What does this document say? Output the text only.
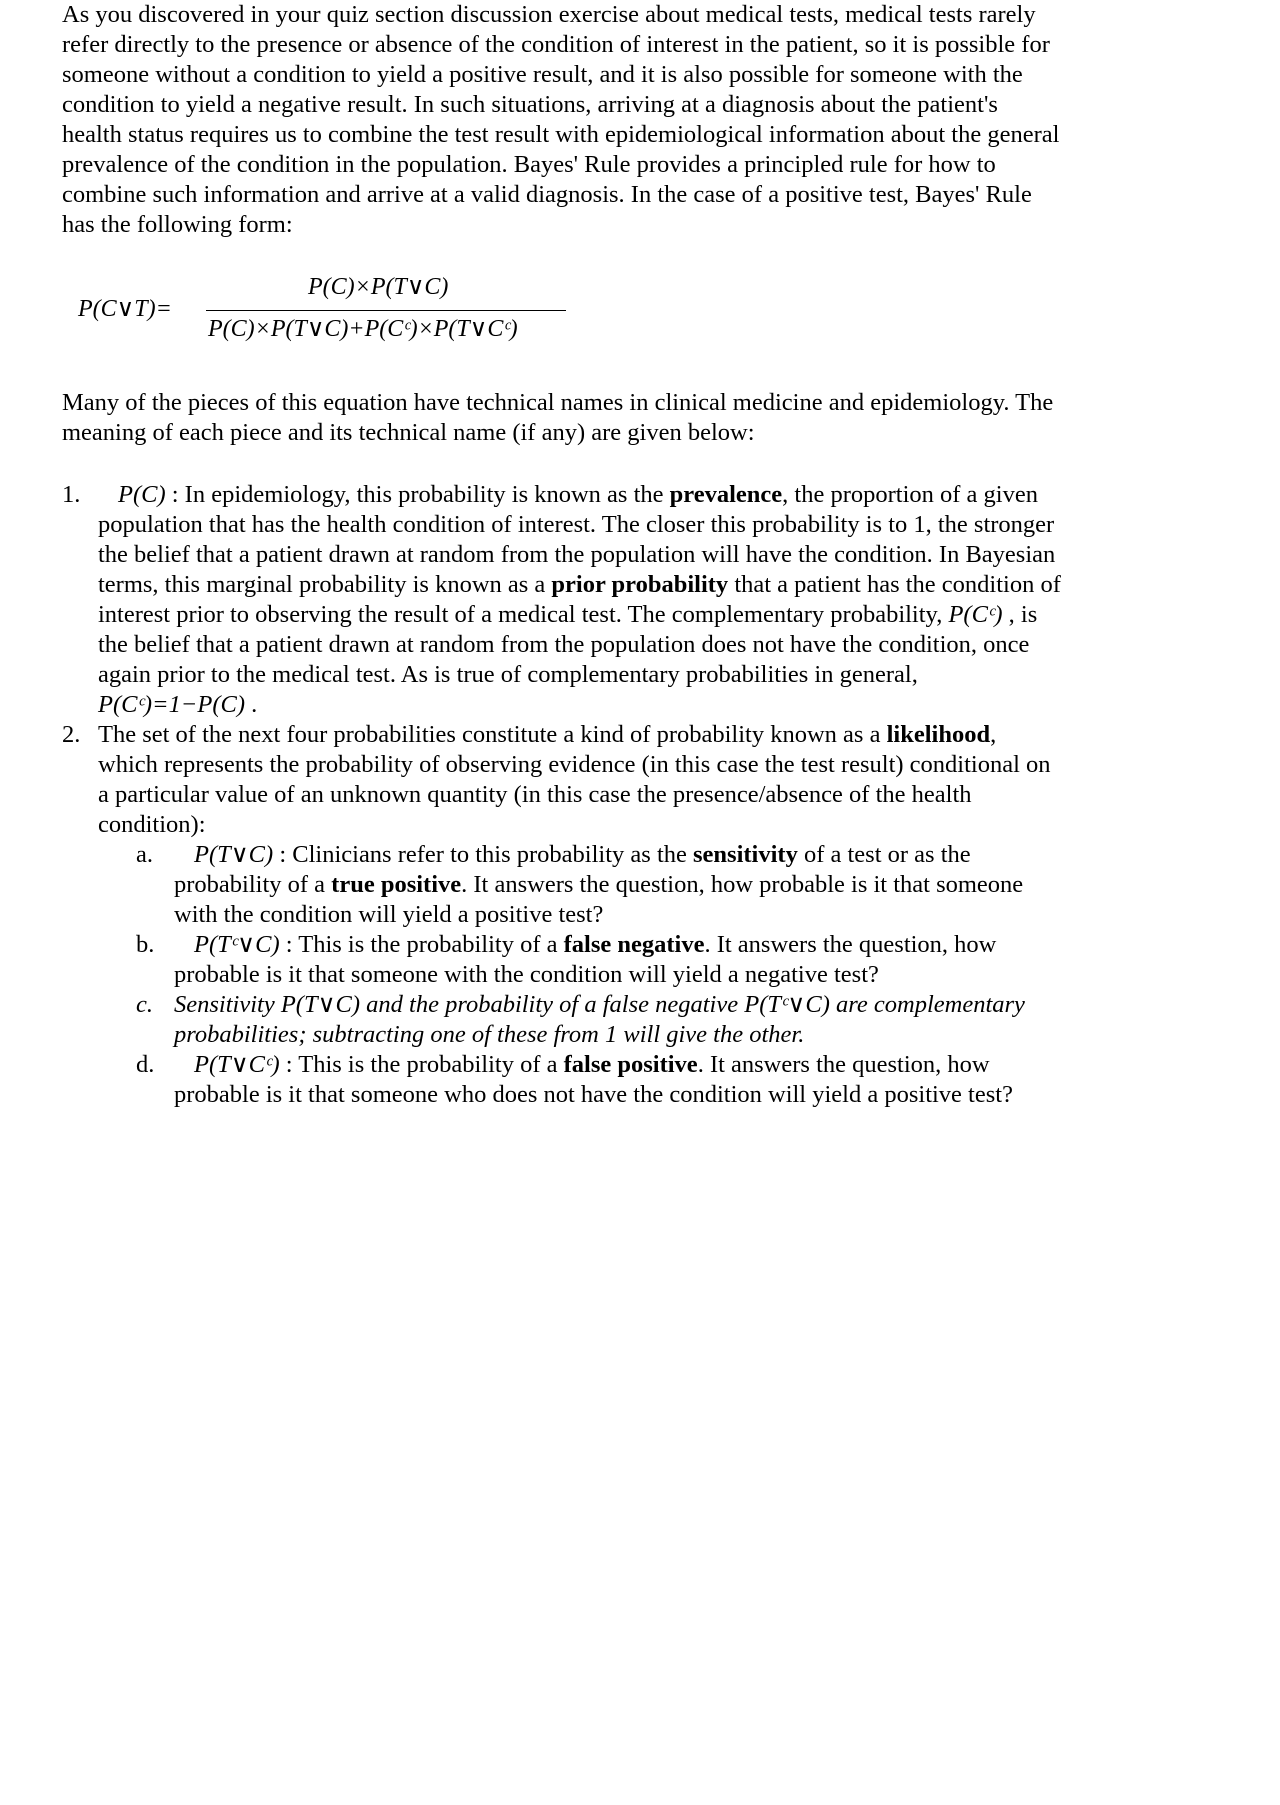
As you discovered in your quiz section discussion exercise about medical tests, medical tests rarely refer directly to the presence or absence of the condition of interest in the patient, so it is possible for someone without a condition to yield a positive result, and it is also possible for someone with the condition to yield a negative result. In such situations, arriving at a diagnosis about the patient's health status requires us to combine the test result with epidemiological information about the general prevalence of the condition in the population. Bayes' Rule provides a principled rule for how to combine such information and arrive at a valid diagnosis. In the case of a positive test, Bayes' Rule has the following form:

P(C∨T)=
P(C)×P(T∨C)
P(C)×P(T∨C)+P(Cᶜ)×P(T∨Cᶜ)

Many of the pieces of this equation have technical names in clinical medicine and epidemiology. The meaning of each piece and its technical name (if any) are given below:

1. P(C) : In epidemiology, this probability is known as the prevalence, the proportion of a given population that has the health condition of interest. The closer this probability is to 1, the stronger the belief that a patient drawn at random from the population will have the condition. In Bayesian terms, this marginal probability is known as a prior probability that a patient has the condition of interest prior to observing the result of a medical test. The complementary probability, P(Cᶜ) , is the belief that a patient drawn at random from the population does not have the condition, once again prior to the medical test. As is true of complementary probabilities in general, P(Cᶜ)=1−P(C) .

2. The set of the next four probabilities constitute a kind of probability known as a likelihood, which represents the probability of observing evidence (in this case the test result) conditional on a particular value of an unknown quantity (in this case the presence/absence of the health condition):

a. P(T∨C) : Clinicians refer to this probability as the sensitivity of a test or as the probability of a true positive. It answers the question, how probable is it that someone with the condition will yield a positive test?

b. P(Tᶜ∨C) : This is the probability of a false negative. It answers the question, how probable is it that someone with the condition will yield a negative test?

c. Sensitivity P(T∨C) and the probability of a false negative P(Tᶜ∨C) are complementary probabilities; subtracting one of these from 1 will give the other.

d. P(T∨Cᶜ) : This is the probability of a false positive. It answers the question, how probable is it that someone who does not have the condition will yield a positive test?
